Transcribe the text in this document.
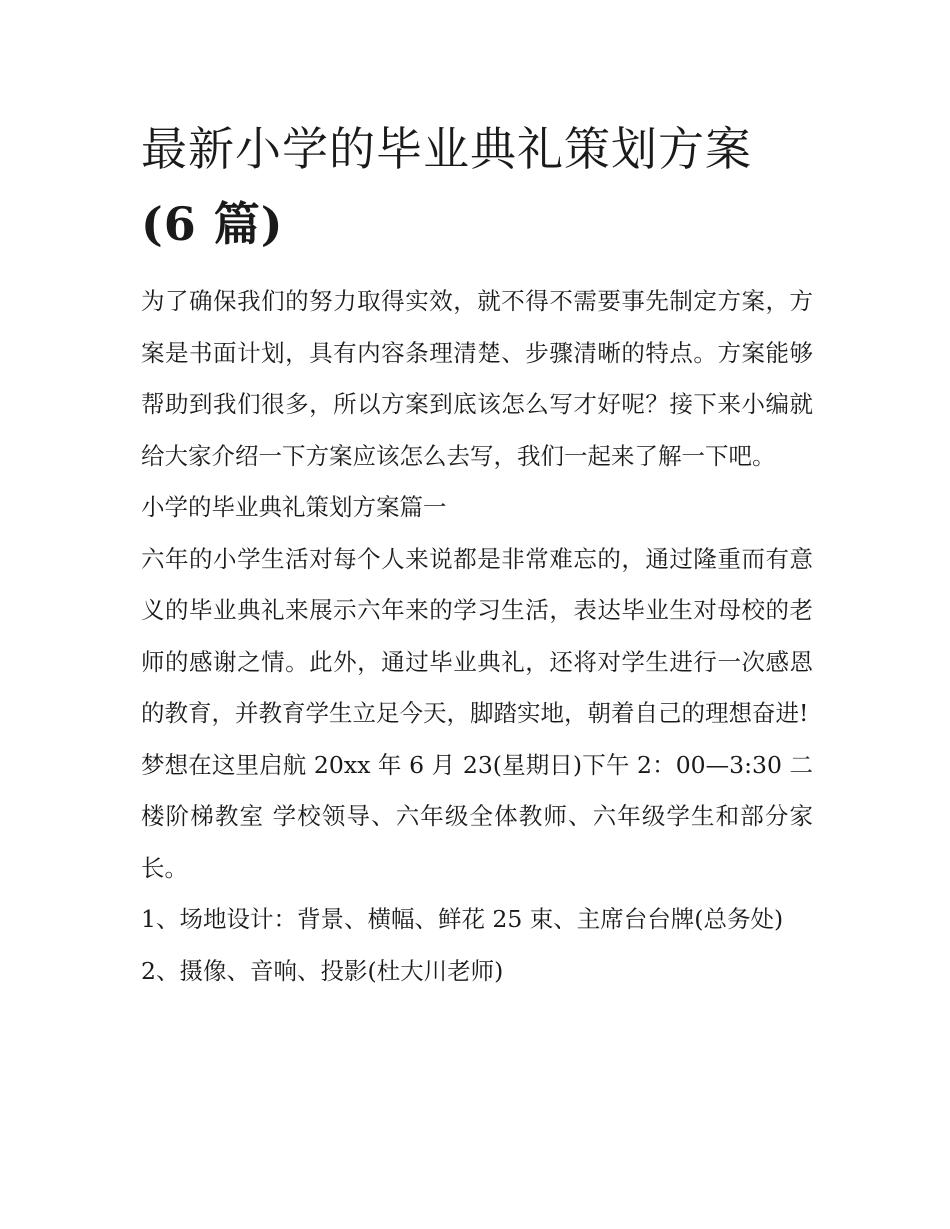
最新小学的毕业典礼策划方案
(6 篇)

为了确保我们的努力取得实效，就不得不需要事先制定方案，方案是书面计划，具有内容条理清楚、步骤清晰的特点。方案能够帮助到我们很多，所以方案到底该怎么写才好呢？接下来小编就给大家介绍一下方案应该怎么去写，我们一起来了解一下吧。

小学的毕业典礼策划方案篇一

六年的小学生活对每个人来说都是非常难忘的，通过隆重而有意义的毕业典礼来展示六年来的学习生活，表达毕业生对母校的老师的感谢之情。此外，通过毕业典礼，还将对学生进行一次感恩的教育，并教育学生立足今天，脚踏实地，朝着自己的理想奋进!

梦想在这里启航 20xx 年 6 月 23(星期日)下午 2：00—3:30 二楼阶梯教室 学校领导、六年级全体教师、六年级学生和部分家长。

1、场地设计：背景、横幅、鲜花 25 束、主席台台牌(总务处)

2、摄像、音响、投影(杜大川老师)
